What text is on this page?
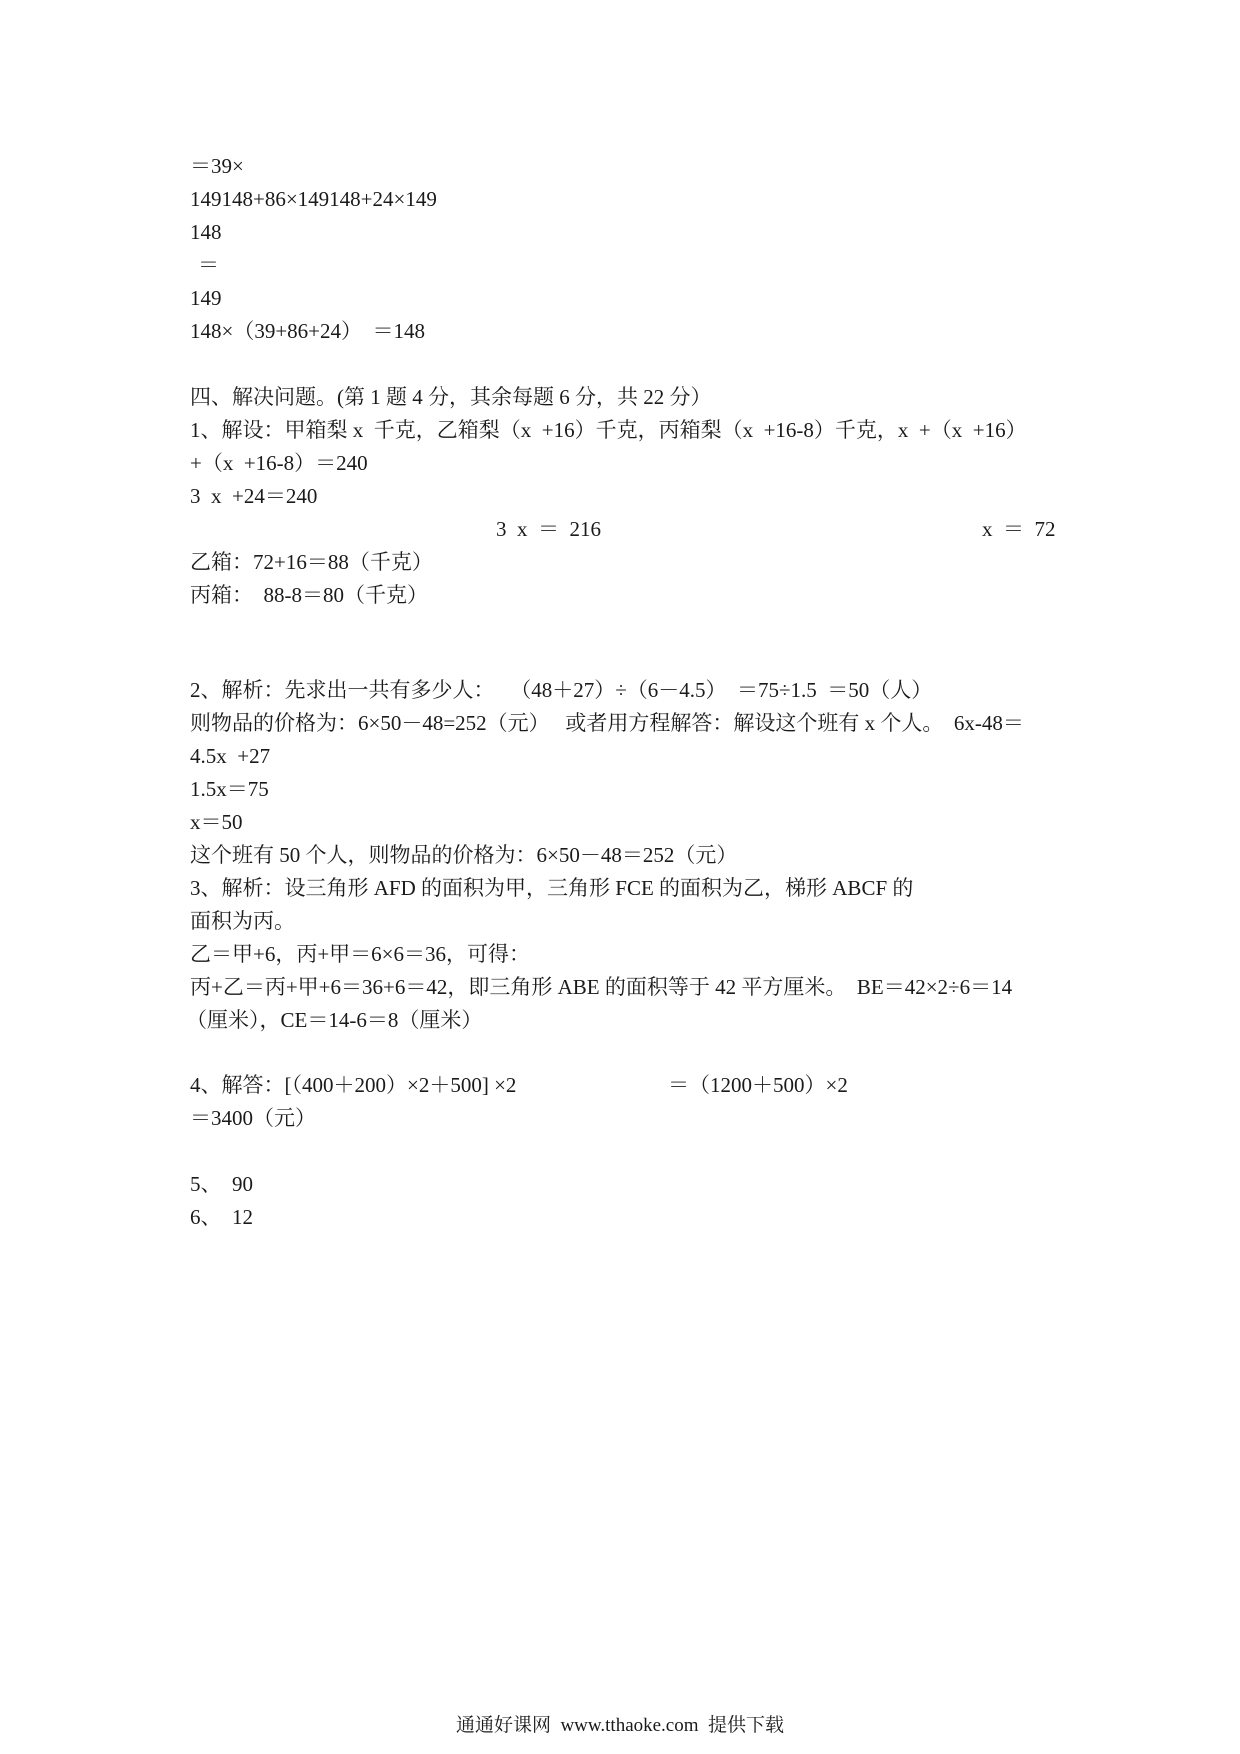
＝39×
149148+86×149148+24×149
148
＝
149
148×（39+86+24）  ＝148
四、解决问题。(第 1 题 4 分，其余每题 6 分，共 22 分）
1、解设：甲箱梨 x  千克，乙箱梨（x  +16）千克，丙箱梨（x  +16-8）千克，x  +（x  +16）
+（x  +16-8）＝240
3  x  +24＝240
3  x  ＝  216	x  ＝  72
乙箱：72+16＝88（千克）
丙箱：  88-8＝80（千克）
2、解析：先求出一共有多少人：   （48＋27）÷（6－4.5）  ＝75÷1.5  ＝50（人）
则物品的价格为：6×50－48=252（元）   或者用方程解答：解设这个班有 x 个人。  6x-48＝
4.5x  +27
1.5x＝75
x＝50
这个班有 50 个人，则物品的价格为：6×50－48＝252（元）
3、解析：设三角形 AFD 的面积为甲，三角形 FCE 的面积为乙，梯形 ABCF 的
面积为丙。
乙＝甲+6，丙+甲＝6×6＝36，可得：
丙+乙＝丙+甲+6＝36+6＝42，即三角形 ABE 的面积等于 42 平方厘米。  BE＝42×2÷6＝14
（厘米），CE＝14-6＝8（厘米）
4、解答：[（400＋200）×2＋500] ×2	＝（1200＋500）×2
＝3400（元）
5、  90
6、  12
通通好课网  www.tthaoke.com  提供下载
